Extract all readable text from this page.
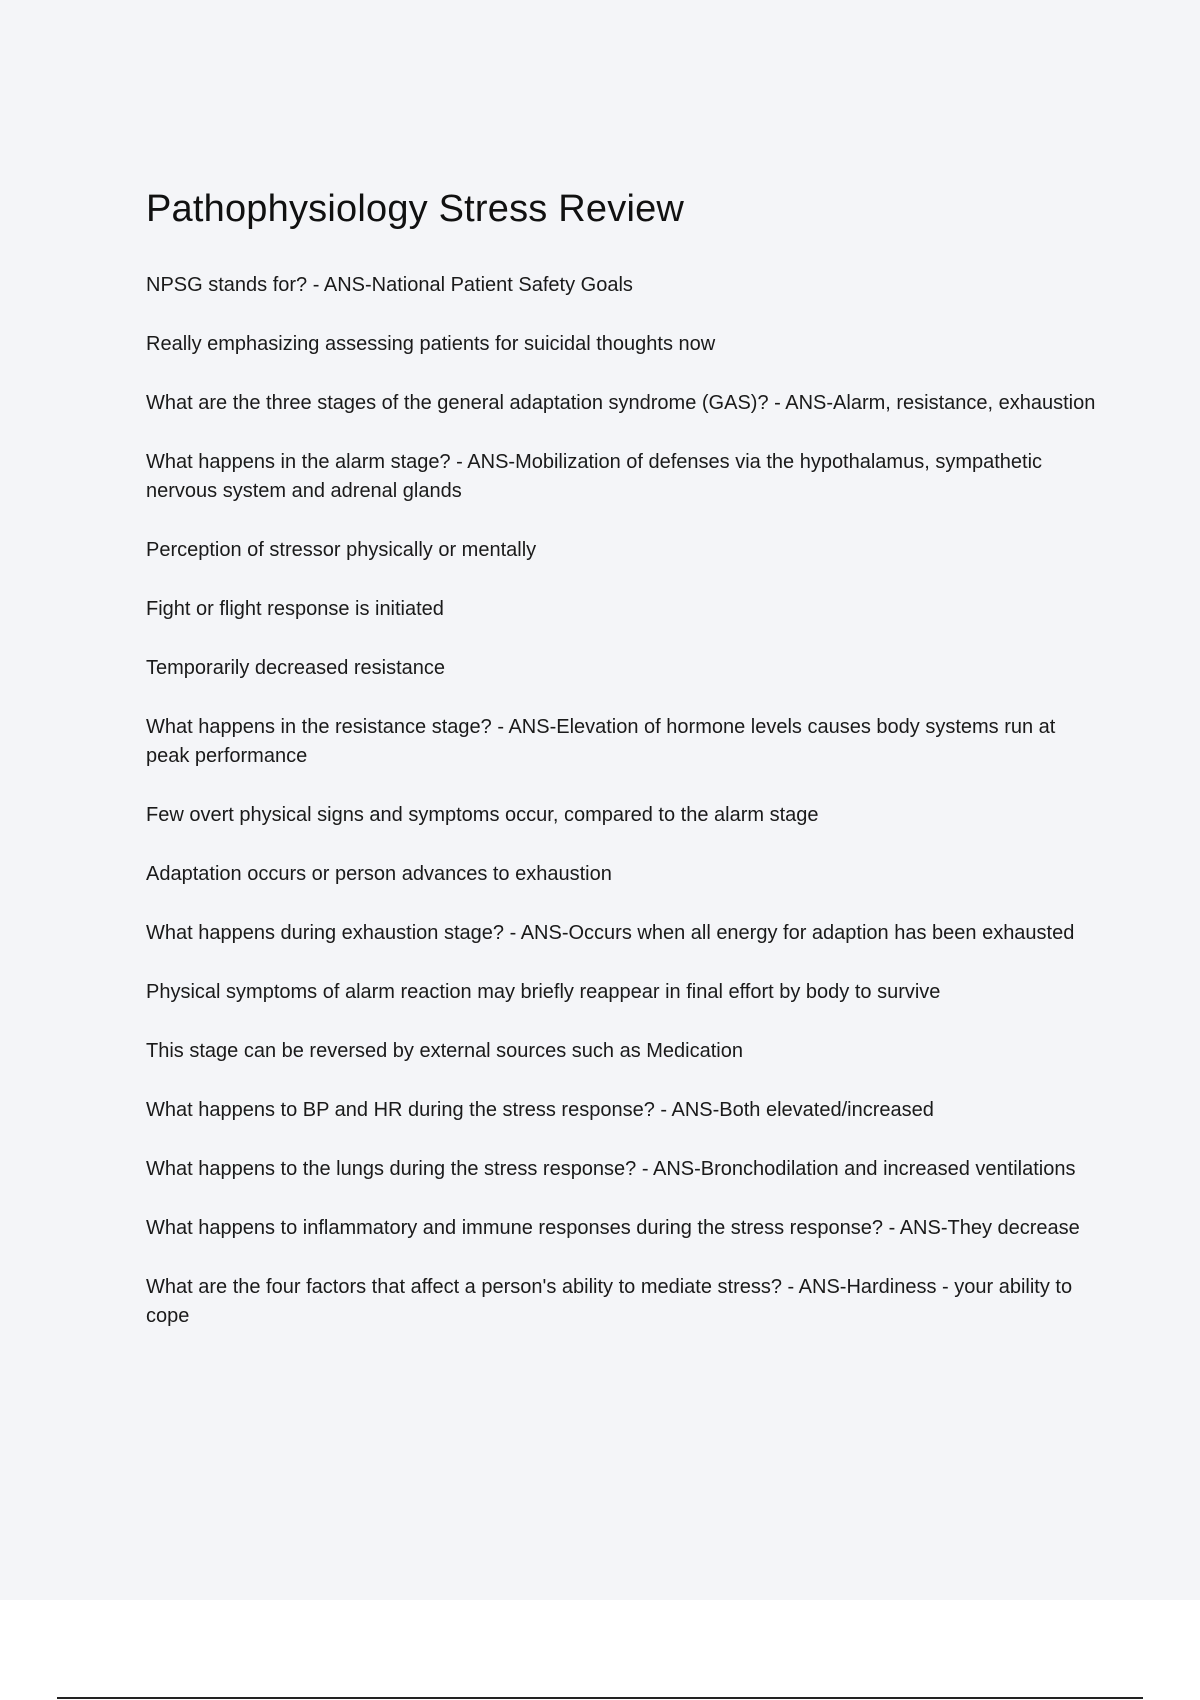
Pathophysiology Stress Review

NPSG stands for? - ANS-National Patient Safety Goals

Really emphasizing assessing patients for suicidal thoughts now

What are the three stages of the general adaptation syndrome (GAS)? - ANS-Alarm, resistance, exhaustion

What happens in the alarm stage? - ANS-Mobilization of defenses via the hypothalamus, sympathetic nervous system and adrenal glands

Perception of stressor physically or mentally

Fight or flight response is initiated

Temporarily decreased resistance

What happens in the resistance stage? - ANS-Elevation of hormone levels causes body systems run at peak performance

Few overt physical signs and symptoms occur, compared to the alarm stage

Adaptation occurs or person advances to exhaustion

What happens during exhaustion stage? - ANS-Occurs when all energy for adaption has been exhausted

Physical symptoms of alarm reaction may briefly reappear in final effort by body to survive

This stage can be reversed by external sources such as Medication

What happens to BP and HR during the stress response? - ANS-Both elevated/increased

What happens to the lungs during the stress response? - ANS-Bronchodilation and increased ventilations

What happens to inflammatory and immune responses during the stress response? - ANS-They decrease

What are the four factors that affect a person's ability to mediate stress? - ANS-Hardiness - your ability to cope
